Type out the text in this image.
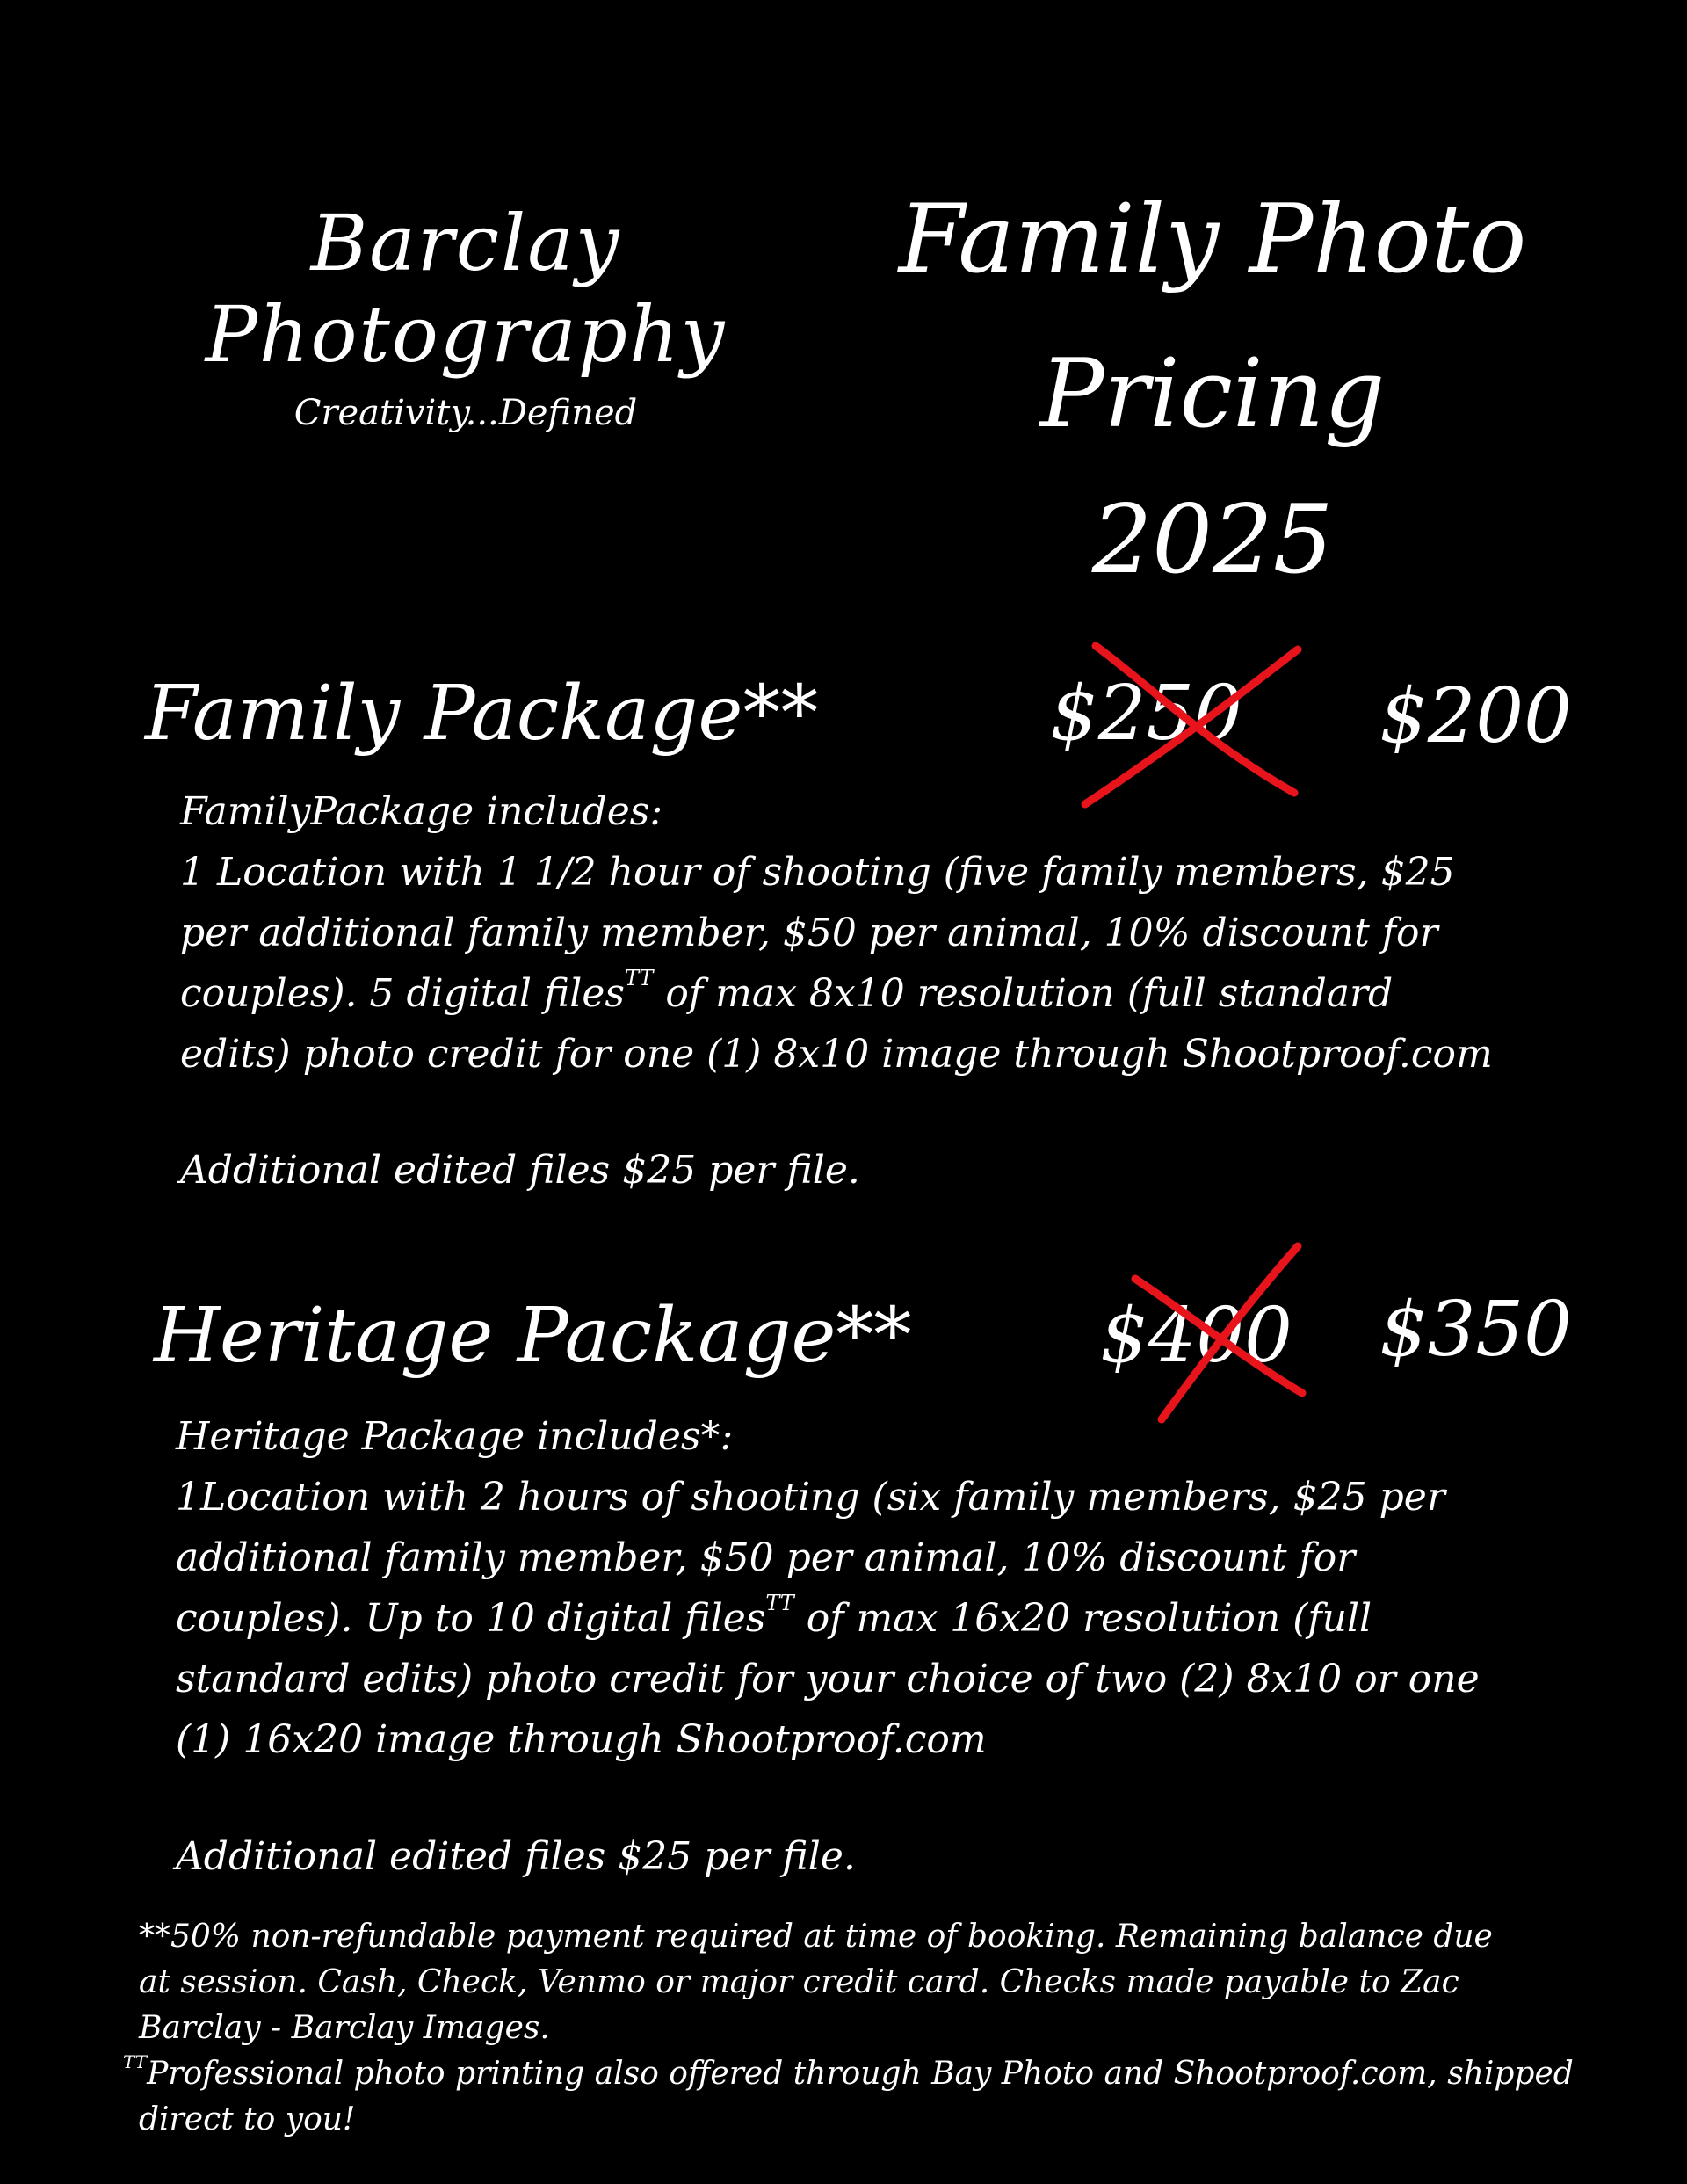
Barclay
Photography
Creativity...Defined
Family Photo
Pricing
2025
Family Package**	$250	$200
FamilyPackage includes:
1 Location with 1 1/2 hour of shooting (five family members, $25
per additional family member, $50 per animal, 10% discount for
couples). 5 digital files$^{TT}$ of max 8x10 resolution (full standard
edits) photo credit for one (1) 8x10 image through Shootproof.com
Additional edited files $25 per file.
Heritage Package** $400	$350
Heritage Package includes*:
1Location with 2 hours of shooting (six family members, $25 per
additional family member, $50 per animal, 10% discount for
couples). Up to 10 digital files$^{TT}$ of max 16x20 resolution (full
standard edits) photo credit for your choice of two (2) 8x10 or one
(1) 16x20 image through Shootproof.com
Additional edited files $25 per file.
**50% non-refundable payment required at time of booking. Remaining balance due
at session. Cash, Check, Venmo or major credit card. Checks made payable to Zac
Barclay - Barclay Images.
$^{TT}$Professional photo printing also offered through Bay Photo and Shootproof.com, shipped
direct to you!
